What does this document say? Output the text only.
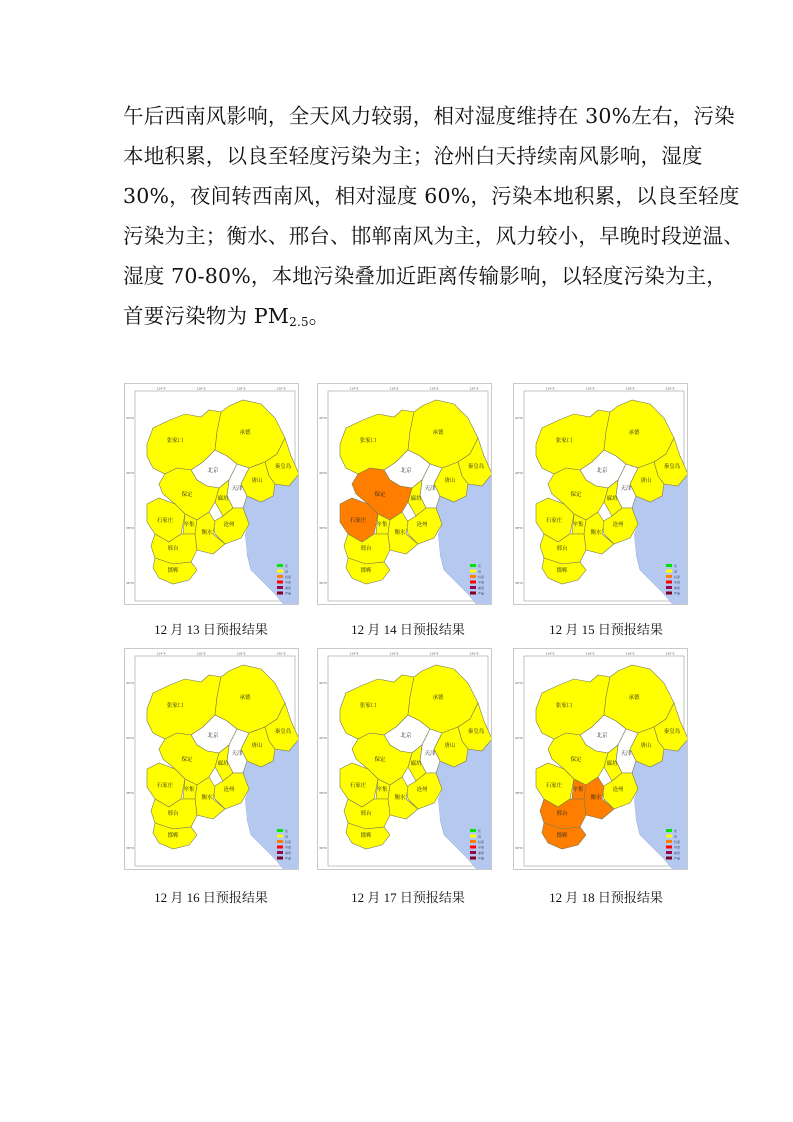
午后西南风影响，全天风力较弱，相对湿度维持在 30%左右，污染
本地积累，以良至轻度污染为主；沧州白天持续南风影响，湿度
30%，夜间转西南风，相对湿度 60%，污染本地积累，以良至轻度
污染为主；衡水、邢台、邯郸南风为主，风力较小，早晚时段逆温、
湿度 70-80%，本地污染叠加近距离传输影响，以轻度污染为主，
首要污染物为 $PM_{2.5}$。
张家口
承德
秦皇岛
唐山
北京
天津
廊坊
保定
沧州
石家庄
辛集
衡水
邢台
邯郸
114°E	116°E	118°E	120°E
42°N
40°N
38°N
36°N
优
良
轻度
中度
重度
严重
12 月 13 日预报结果
张家口
承德
秦皇岛
唐山
北京
天津
廊坊
保定
沧州
石家庄
辛集
衡水
邢台
邯郸
114°E	116°E	118°E	120°E
42°N
40°N
38°N
36°N
优
良
轻度
中度
重度
严重
12 月 14 日预报结果
张家口
承德
秦皇岛
唐山
北京
天津
廊坊
保定
沧州
石家庄
辛集
衡水
邢台
邯郸
114°E	116°E	118°E	120°E
42°N
40°N
38°N
36°N
优
良
轻度
中度
重度
严重
12 月 15 日预报结果
张家口
承德
秦皇岛
唐山
北京
天津
廊坊
保定
沧州
石家庄
辛集
衡水
邢台
邯郸
114°E	116°E	118°E	120°E
42°N
40°N
38°N
36°N
优
良
轻度
中度
重度
严重
12 月 16 日预报结果
张家口
承德
秦皇岛
唐山
北京
天津
廊坊
保定
沧州
石家庄
辛集
衡水
邢台
邯郸
114°E	116°E	118°E	120°E
42°N
40°N
38°N
36°N
优
良
轻度
中度
重度
严重
12 月 17 日预报结果
张家口
承德
秦皇岛
唐山
北京
天津
廊坊
保定
沧州
石家庄
辛集
衡水
邢台
邯郸
114°E	116°E	118°E	120°E
42°N
40°N
38°N
36°N
优
良
轻度
中度
重度
严重
12 月 18 日预报结果
